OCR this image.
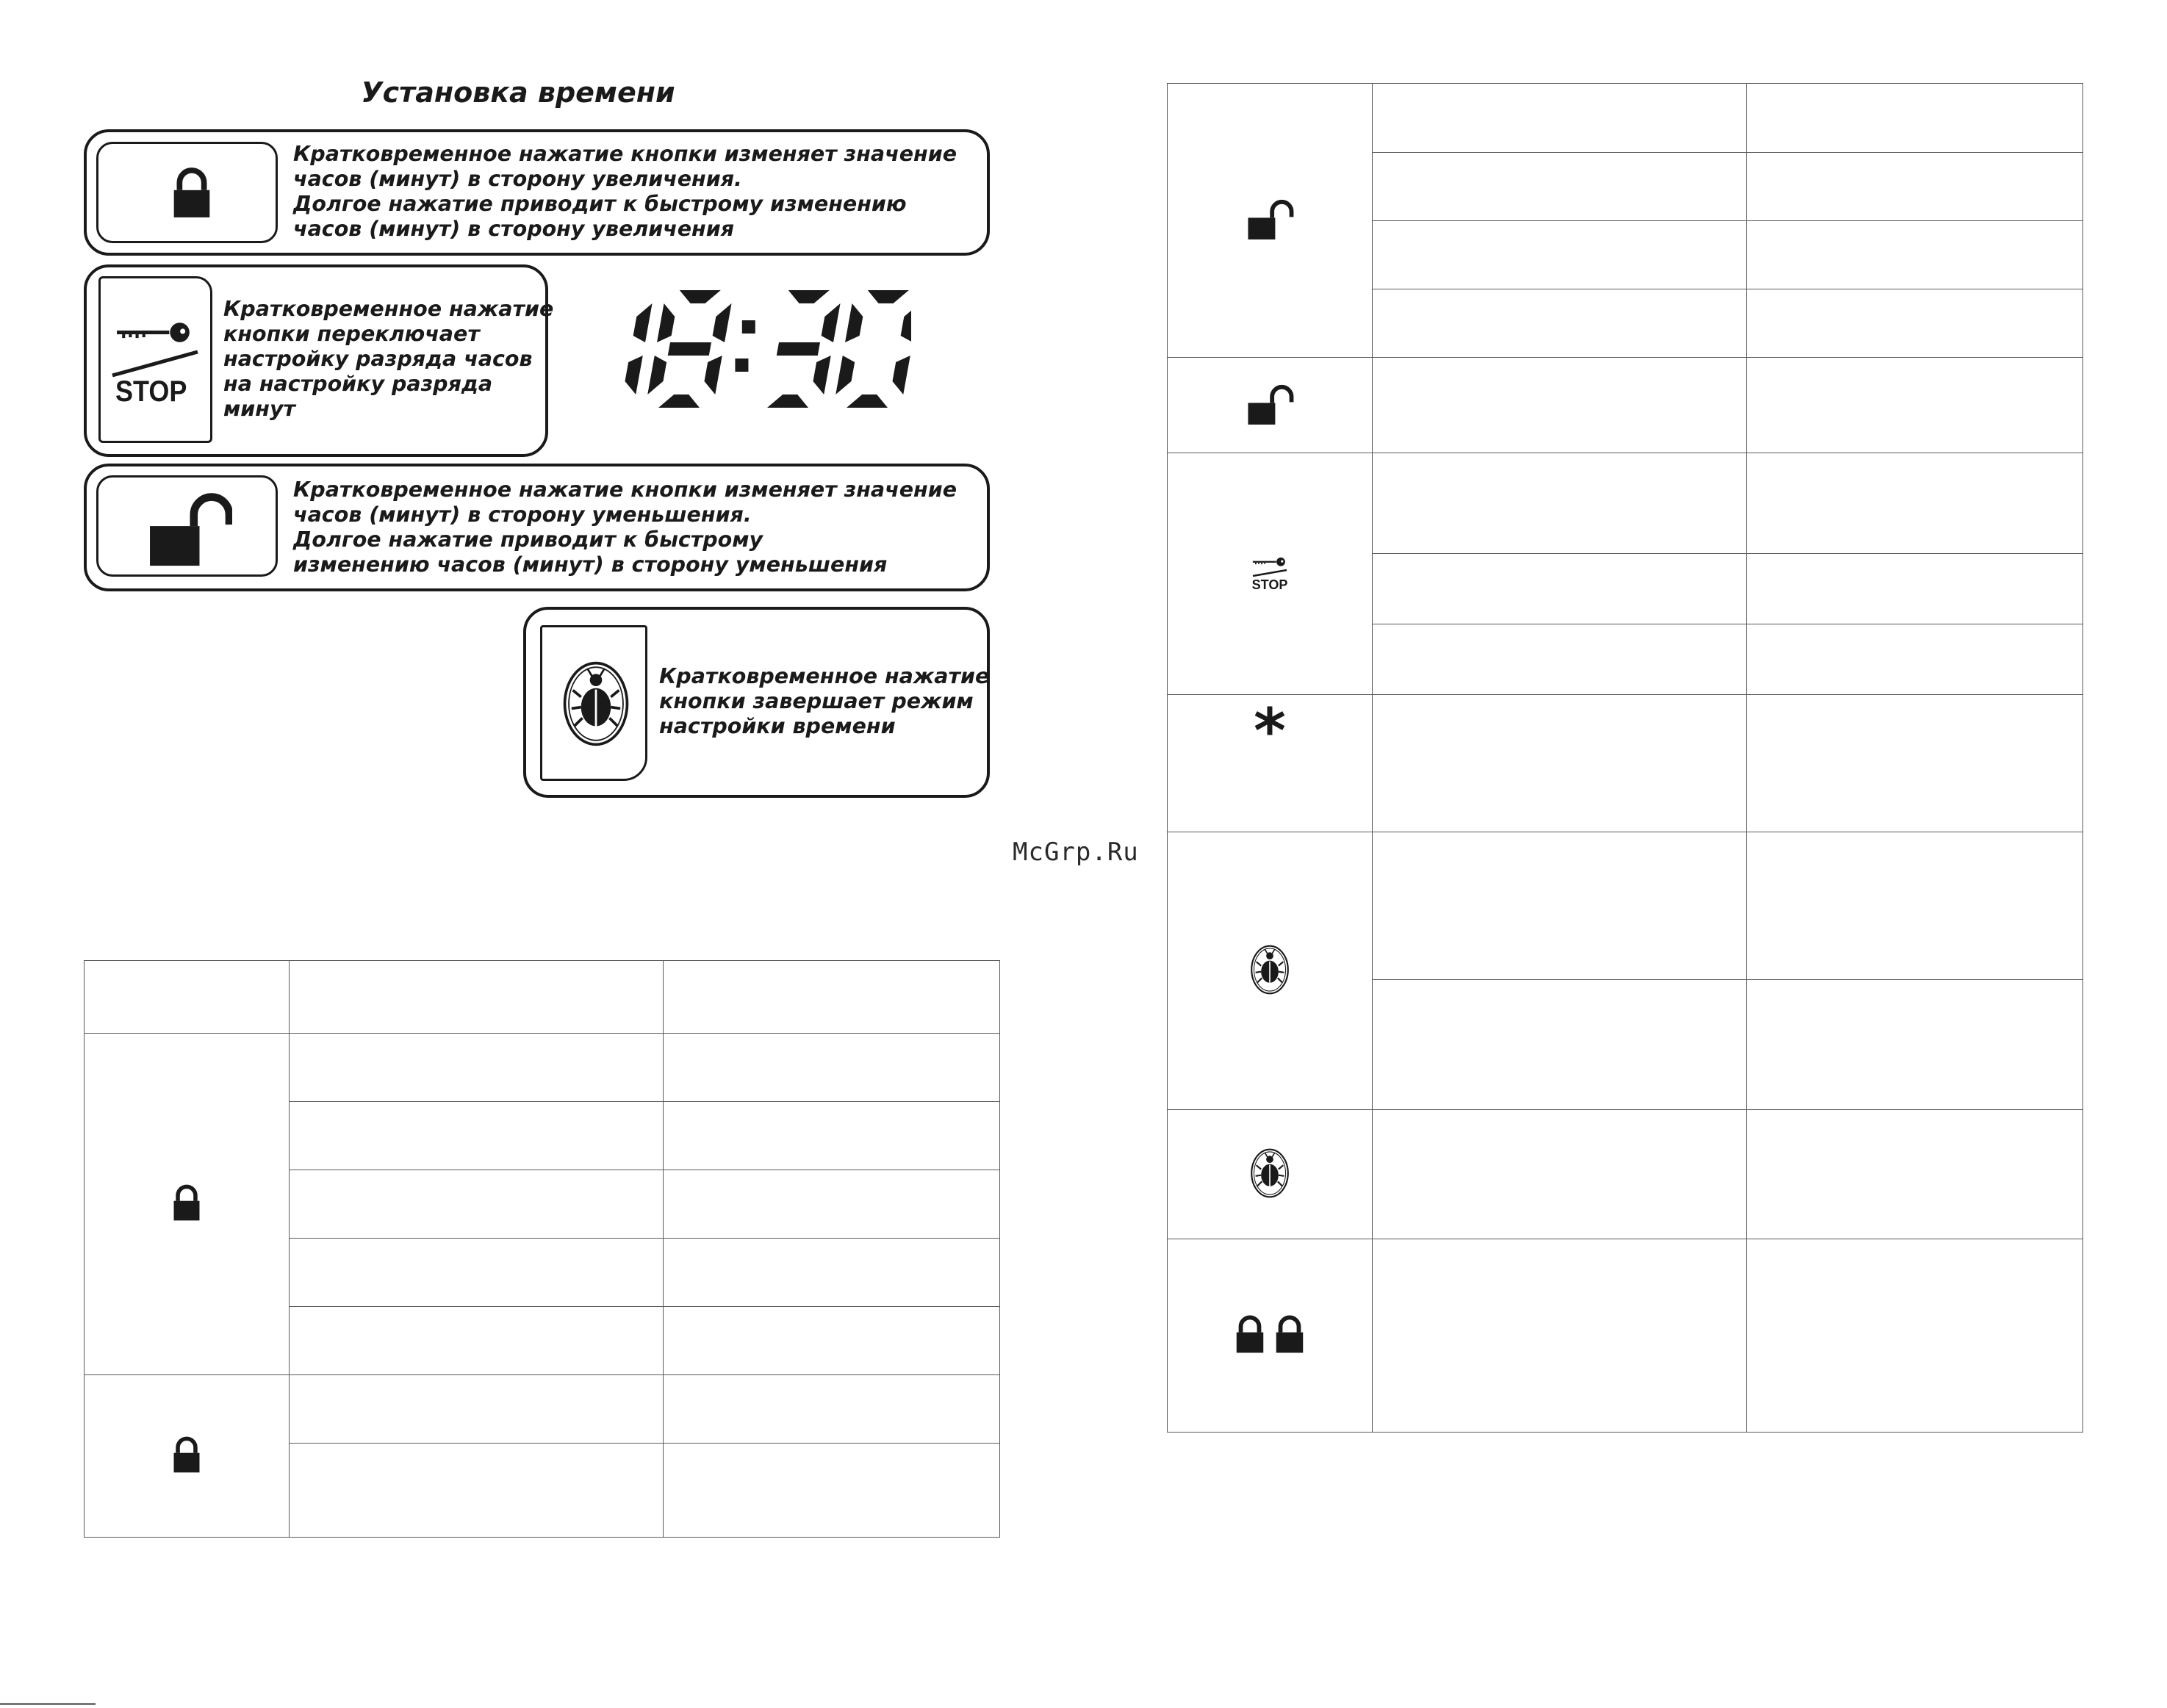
Установка времени
Кратковременное нажатие кнопки изменяет значение
часов (минут) в сторону увеличения.
Долгое нажатие приводит к быстрому изменению
часов (минут) в сторону увеличения
STOP
Кратковременное нажатие
кнопки переключает
настройку разряда часов
на настройку разряда
минут
Кратковременное нажатие кнопки изменяет значение
часов (минут) в сторону уменьшения.
Долгое нажатие приводит к быстрому
изменению часов (минут) в сторону уменьшения
Кратковременное нажатие
кнопки завершает режим
настройки времени
McGrp.Ru

STOP		

*		
